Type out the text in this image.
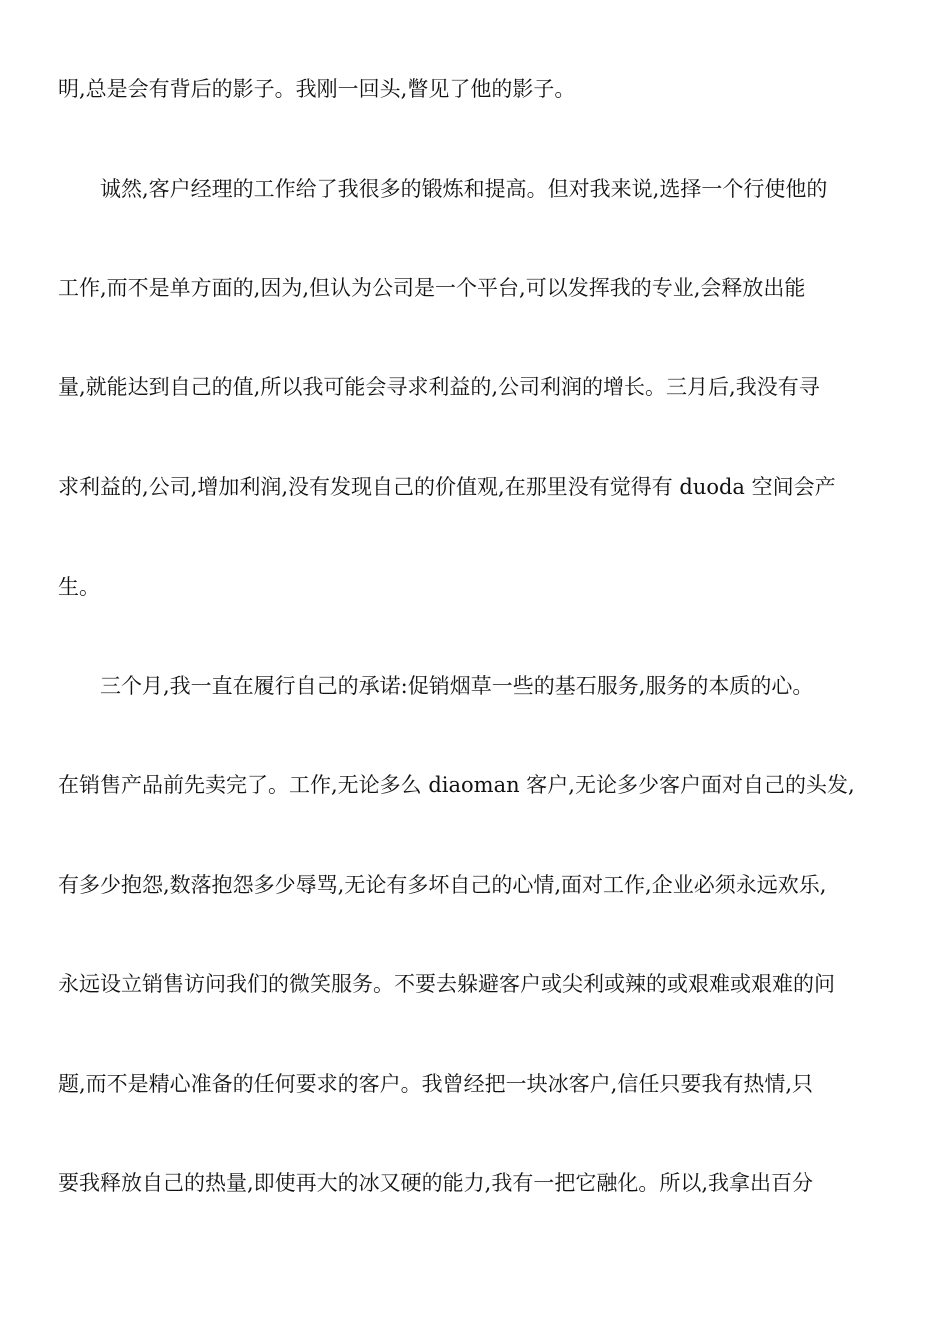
明,总是会有背后的影子。我刚一回头,瞥见了他的影子。
诚然,客户经理的工作给了我很多的锻炼和提高。但对我来说,选择一个行使他的
工作,而不是单方面的,因为,但认为公司是一个平台,可以发挥我的专业,会释放出能
量,就能达到自己的值,所以我可能会寻求利益的,公司利润的增长。三月后,我没有寻
求利益的,公司,增加利润,没有发现自己的价值观,在那里没有觉得有 duoda 空间会产
生。
三个月,我一直在履行自己的承诺:促销烟草一些的基石服务,服务的本质的心。
在销售产品前先卖完了。工作,无论多么 diaoman 客户,无论多少客户面对自己的头发,
有多少抱怨,数落抱怨多少辱骂,无论有多坏自己的心情,面对工作,企业必须永远欢乐,
永远设立销售访问我们的微笑服务。不要去躲避客户或尖利或辣的或艰难或艰难的问
题,而不是精心准备的任何要求的客户。我曾经把一块冰客户,信任只要我有热情,只
要我释放自己的热量,即使再大的冰又硬的能力,我有一把它融化。所以,我拿出百分
